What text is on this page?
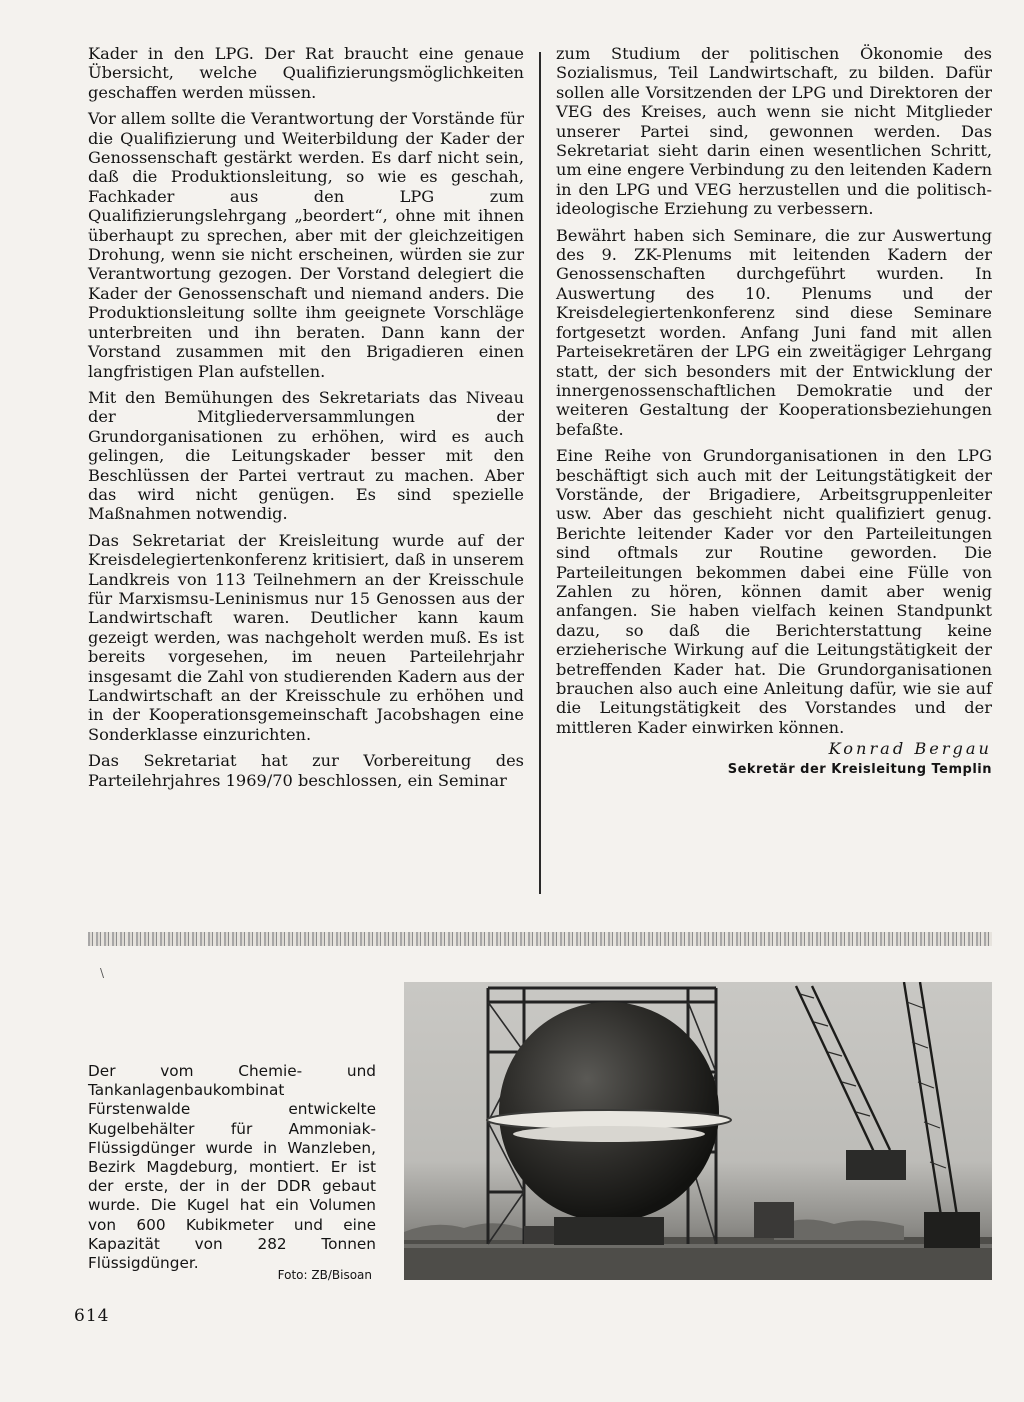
Kader in den LPG. Der Rat braucht eine genaue Übersicht, welche Qualifizierungsmöglichkeiten geschaffen werden müssen.

Vor allem sollte die Verantwortung der Vorstände für die Qualifizierung und Weiterbildung der Kader der Genossenschaft gestärkt werden. Es darf nicht sein, daß die Produktionsleitung, so wie es geschah, Fachkader aus den LPG zum Qualifizierungslehrgang „beordert“, ohne mit ihnen überhaupt zu sprechen, aber mit der gleichzeitigen Drohung, wenn sie nicht erscheinen, würden sie zur Verantwortung gezogen. Der Vorstand delegiert die Kader der Genossenschaft und niemand anders. Die Produktionsleitung sollte ihm geeignete Vorschläge unterbreiten und ihn beraten. Dann kann der Vorstand zusammen mit den Brigadieren einen langfristigen Plan aufstellen.

Mit den Bemühungen des Sekretariats das Niveau der Mitgliederversammlungen der Grundorganisationen zu erhöhen, wird es auch gelingen, die Leitungskader besser mit den Beschlüssen der Partei vertraut zu machen. Aber das wird nicht genügen. Es sind spezielle Maßnahmen notwendig.

Das Sekretariat der Kreisleitung wurde auf der Kreisdelegiertenkonferenz kritisiert, daß in unserem Landkreis von 113 Teilnehmern an der Kreisschule für Marxismsu-Leninismus nur 15 Genossen aus der Landwirtschaft waren. Deutlicher kann kaum gezeigt werden, was nachgeholt werden muß. Es ist bereits vorgesehen, im neuen Parteilehrjahr insgesamt die Zahl von studierenden Kadern aus der Landwirtschaft an der Kreisschule zu erhöhen und in der Kooperationsgemeinschaft Jacobshagen eine Sonderklasse einzurichten.

Das Sekretariat hat zur Vorbereitung des Parteilehrjahres 1969/70 beschlossen, ein Seminar

zum Studium der politischen Ökonomie des Sozialismus, Teil Landwirtschaft, zu bilden. Dafür sollen alle Vorsitzenden der LPG und Direktoren der VEG des Kreises, auch wenn sie nicht Mitglieder unserer Partei sind, gewonnen werden. Das Sekretariat sieht darin einen wesentlichen Schritt, um eine engere Verbindung zu den leitenden Kadern in den LPG und VEG herzustellen und die politisch-ideologische Erziehung zu verbessern.

Bewährt haben sich Seminare, die zur Auswertung des 9. ZK-Plenums mit leitenden Kadern der Genossenschaften durchgeführt wurden. In Auswertung des 10. Plenums und der Kreisdelegiertenkonferenz sind diese Seminare fortgesetzt worden. Anfang Juni fand mit allen Parteisekretären der LPG ein zweitägiger Lehrgang statt, der sich besonders mit der Entwicklung der innergenossenschaftlichen Demokratie und der weiteren Gestaltung der Kooperationsbeziehungen befaßte.

Eine Reihe von Grundorganisationen in den LPG beschäftigt sich auch mit der Leitungstätigkeit der Vorstände, der Brigadiere, Arbeitsgruppenleiter usw. Aber das geschieht nicht qualifiziert genug. Berichte leitender Kader vor den Parteileitungen sind oftmals zur Routine geworden. Die Parteileitungen bekommen dabei eine Fülle von Zahlen zu hören, können damit aber wenig anfangen. Sie haben vielfach keinen Standpunkt dazu, so daß die Berichterstattung keine erzieherische Wirkung auf die Leitungstätigkeit der betreffenden Kader hat. Die Grundorganisationen brauchen also auch eine Anleitung dafür, wie sie auf die Leitungstätigkeit des Vorstandes und der mittleren Kader einwirken können.

Konrad Bergau
Sekretär der Kreisleitung Templin
\
Der vom Chemie- und Tankanlagenbaukombinat Fürstenwalde entwickelte Kugelbehälter für Ammoniak-Flüssigdünger wurde in Wanzleben, Bezirk Magdeburg, montiert. Er ist der erste, der in der DDR gebaut wurde. Die Kugel hat ein Volumen von 600 Kubikmeter und eine Kapazität von 282 Tonnen Flüssigdünger.
Foto: ZB/Bisoan
614
